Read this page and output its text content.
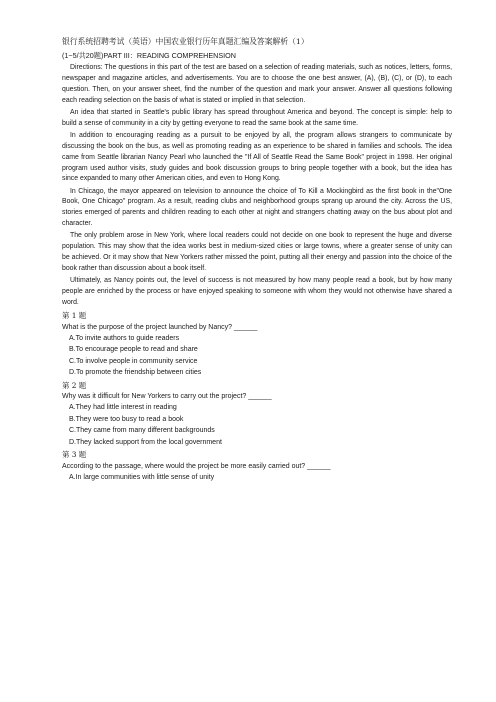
银行系统招聘考试（英语）中国农业银行历年真题汇编及答案解析（1）
(1~5/共20题)PART III：READING COMPREHENSION

Directions: The questions in this part of the test are based on a selection of reading materials, such as notices, letters, forms, newspaper and magazine articles, and advertisements. You are to choose the one best answer, (A), (B), (C), or (D), to each question. Then, on your answer sheet, find the number of the question and mark your answer. Answer all questions following each reading selection on the basis of what is stated or implied in that selection.

An idea that started in Seattle's public library has spread throughout America and beyond. The concept is simple: help to build a sense of community in a city by getting everyone to read the same book at the same time.

In addition to encouraging reading as a pursuit to be enjoyed by all, the program allows strangers to communicate by discussing the book on the bus, as well as promoting reading as an experience to be shared in families and schools. The idea came from Seattle librarian Nancy Pearl who launched the "If All of Seattle Read the Same Book" project in 1998. Her original program used author visits, study guides and book discussion groups to bring people together with a book, but the idea has since expanded to many other American cities, and even to Hong Kong.

In Chicago, the mayor appeared on television to announce the choice of To Kill a Mockingbird as the first book in the"One Book, One Chicago" program. As a result, reading clubs and neighborhood groups sprang up around the city. Across the US, stories emerged of parents and children reading to each other at night and strangers chatting away on the bus about plot and character.

The only problem arose in New York, where local readers could not decide on one book to represent the huge and diverse population. This may show that the idea works best in medium-sized cities or large towns, where a greater sense of unity can be achieved. Or it may show that New Yorkers rather missed the point, putting all their energy and passion into the choice of the book rather than discussion about a book itself.

Ultimately, as Nancy points out, the level of success is not measured by how many people read a book, but by how many people are enriched by the process or have enjoyed speaking to someone with whom they would not otherwise have shared a word.

第 1 题
What is the purpose of the project launched by Nancy? ______
A.To invite authors to guide readers
B.To encourage people to read and share
C.To involve people in community service
D.To promote the friendship between cities
第 2 题
Why was it difficult for New Yorkers to carry out the project? ______
A.They had little interest in reading
B.They were too busy to read a book
C.They came from many different backgrounds
D.They lacked support from the local government
第 3 题
According to the passage, where would the project be more easily carried out? ______
A.In large communities with little sense of unity
